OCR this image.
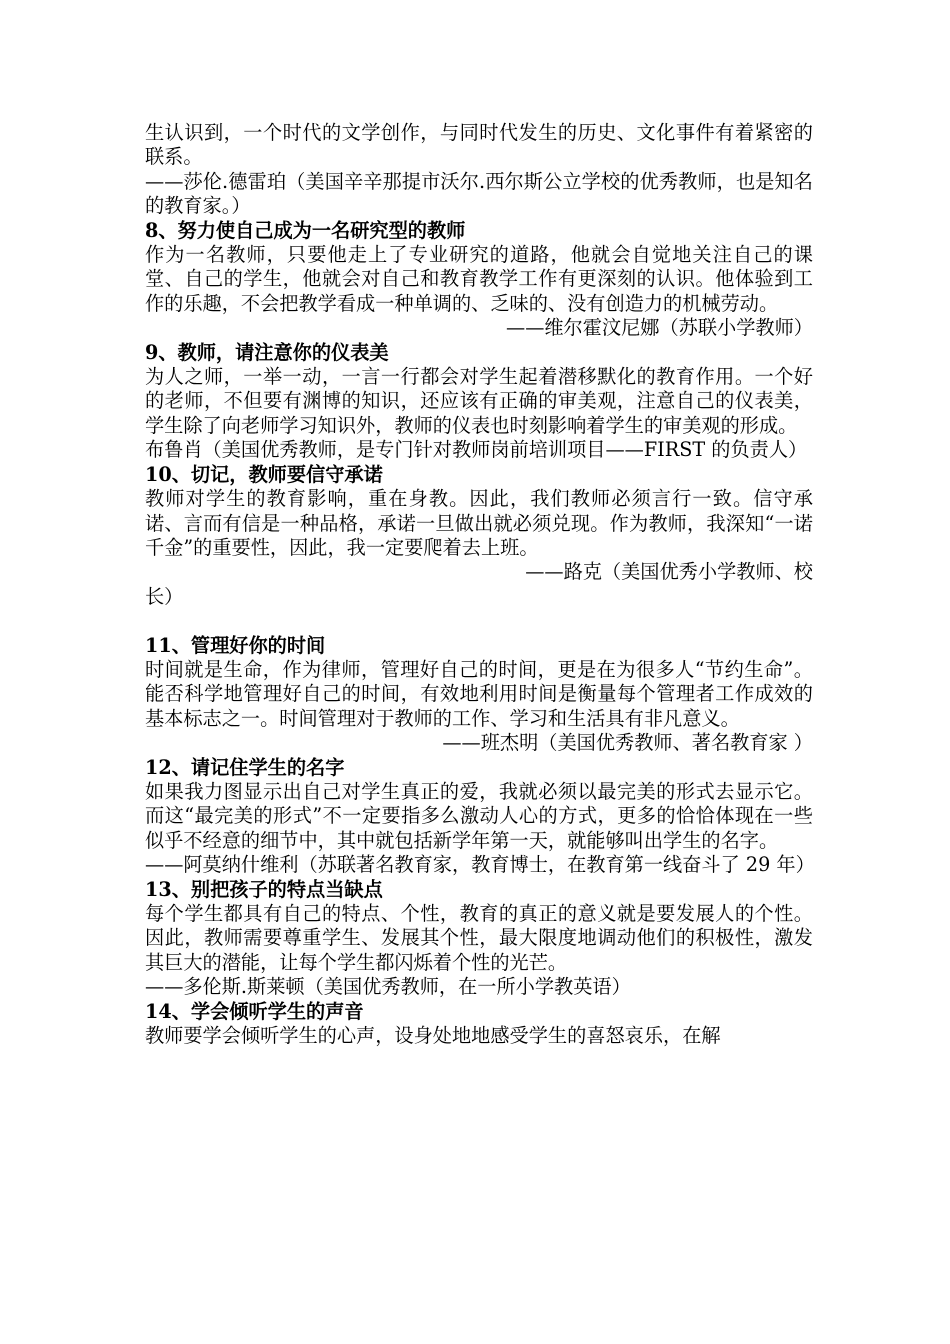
生认识到，一个时代的文学创作，与同时代发生的历史、文化事件有着紧密的联系。

——莎伦.德雷珀（美国辛辛那提市沃尔.西尔斯公立学校的优秀教师，也是知名的教育家。）

8、努力使自己成为一名研究型的教师

作为一名教师，只要他走上了专业研究的道路，他就会自觉地关注自己的课堂、自己的学生，他就会对自己和教育教学工作有更深刻的认识。他体验到工作的乐趣，不会把教学看成一种单调的、乏味的、没有创造力的机械劳动。

——维尔霍汶尼娜（苏联小学教师）

9、教师，请注意你的仪表美

为人之师，一举一动，一言一行都会对学生起着潜移默化的教育作用。一个好的老师，不但要有渊博的知识，还应该有正确的审美观，注意自己的仪表美，学生除了向老师学习知识外，教师的仪表也时刻影响着学生的审美观的形成。

布鲁肖（美国优秀教师，是专门针对教师岗前培训项目——FIRST 的负责人）

10、切记，教师要信守承诺

教师对学生的教育影响，重在身教。因此，我们教师必须言行一致。信守承诺、言而有信是一种品格，承诺一旦做出就必须兑现。作为教师，我深知“一诺千金”的重要性，因此，我一定要爬着去上班。

——路克（美国优秀小学教师、校

长）

11、管理好你的时间

时间就是生命，作为律师，管理好自己的时间，更是在为很多人“节约生命”。能否科学地管理好自己的时间，有效地利用时间是衡量每个管理者工作成效的基本标志之一。时间管理对于教师的工作、学习和生活具有非凡意义。

——班杰明（美国优秀教师、著名教育家 ）

12、请记住学生的名字

如果我力图显示出自己对学生真正的爱，我就必须以最完美的形式去显示它。而这“最完美的形式”不一定要指多么激动人心的方式，更多的恰恰体现在一些似乎不经意的细节中，其中就包括新学年第一天，就能够叫出学生的名字。

——阿莫纳什维利（苏联著名教育家，教育博士，在教育第一线奋斗了 29 年）

13、别把孩子的特点当缺点

每个学生都具有自己的特点、个性，教育的真正的意义就是要发展人的个性。因此，教师需要尊重学生、发展其个性，最大限度地调动他们的积极性，激发其巨大的潜能，让每个学生都闪烁着个性的光芒。

——多伦斯.斯莱顿（美国优秀教师，在一所小学教英语）

14、学会倾听学生的声音

教师要学会倾听学生的心声，设身处地地感受学生的喜怒哀乐，在解
